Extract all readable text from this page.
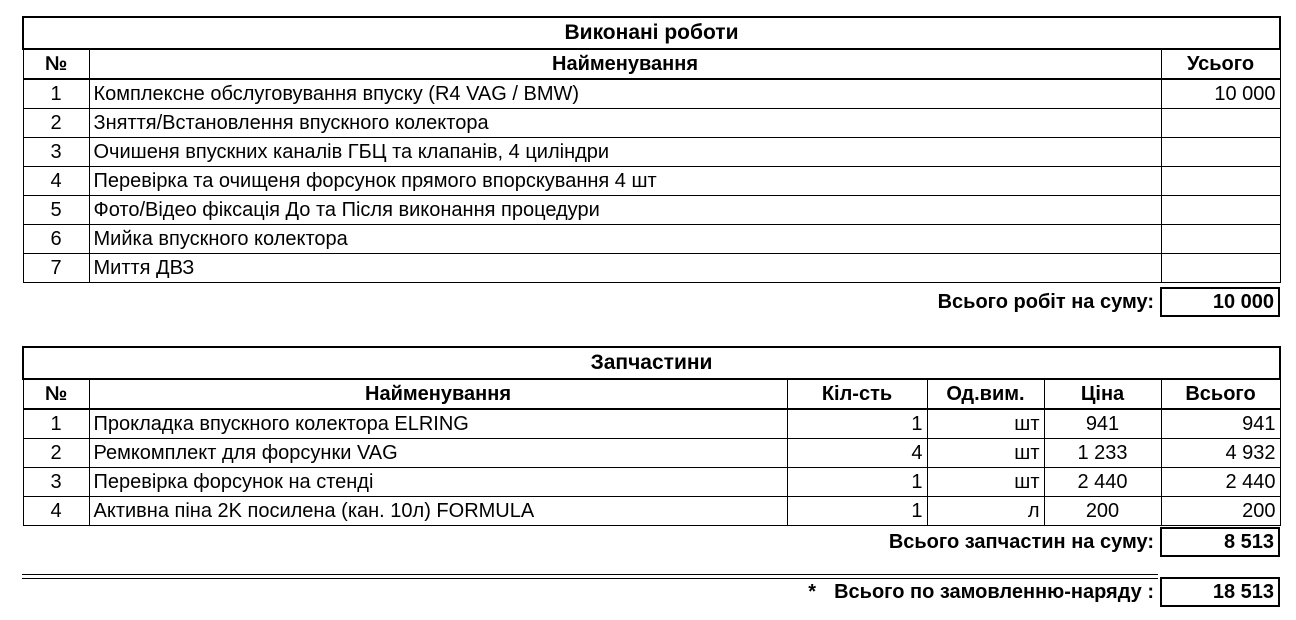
Виконані роботи		
№	Найменування	Усього
1	Комплексне обслуговування впуску (R4 VAG / BMW)	10 000
2	Зняття/Встановлення впускного колектора	
3	Очишеня впускних каналів ГБЦ та клапанів, 4 циліндри	
4	Перевірка та очищеня форсунок прямого впорскування 4 шт	
5	Фото/Відео фіксація До та Після виконання процедури	
6	Мийка впускного колектора	
7	Миття ДВЗ	
Всього робіт на суму:	10 000
Запчастини					
№	Найменування	Кіл-сть	Од.вим.	Ціна	Всього
1	Прокладка впускного колектора ELRING	1	шт	941	941
2	Ремкомплект для форсунки VAG	4	шт	1 233	4 932
3	Перевірка форсунок на стенді	1	шт	2 440	2 440
4	Активна піна 2K посилена (кан. 10л) FORMULA	1	л	200	200
Всього запчастин на суму:	8 513
* Всього по замовленню-наряду :	18 513
